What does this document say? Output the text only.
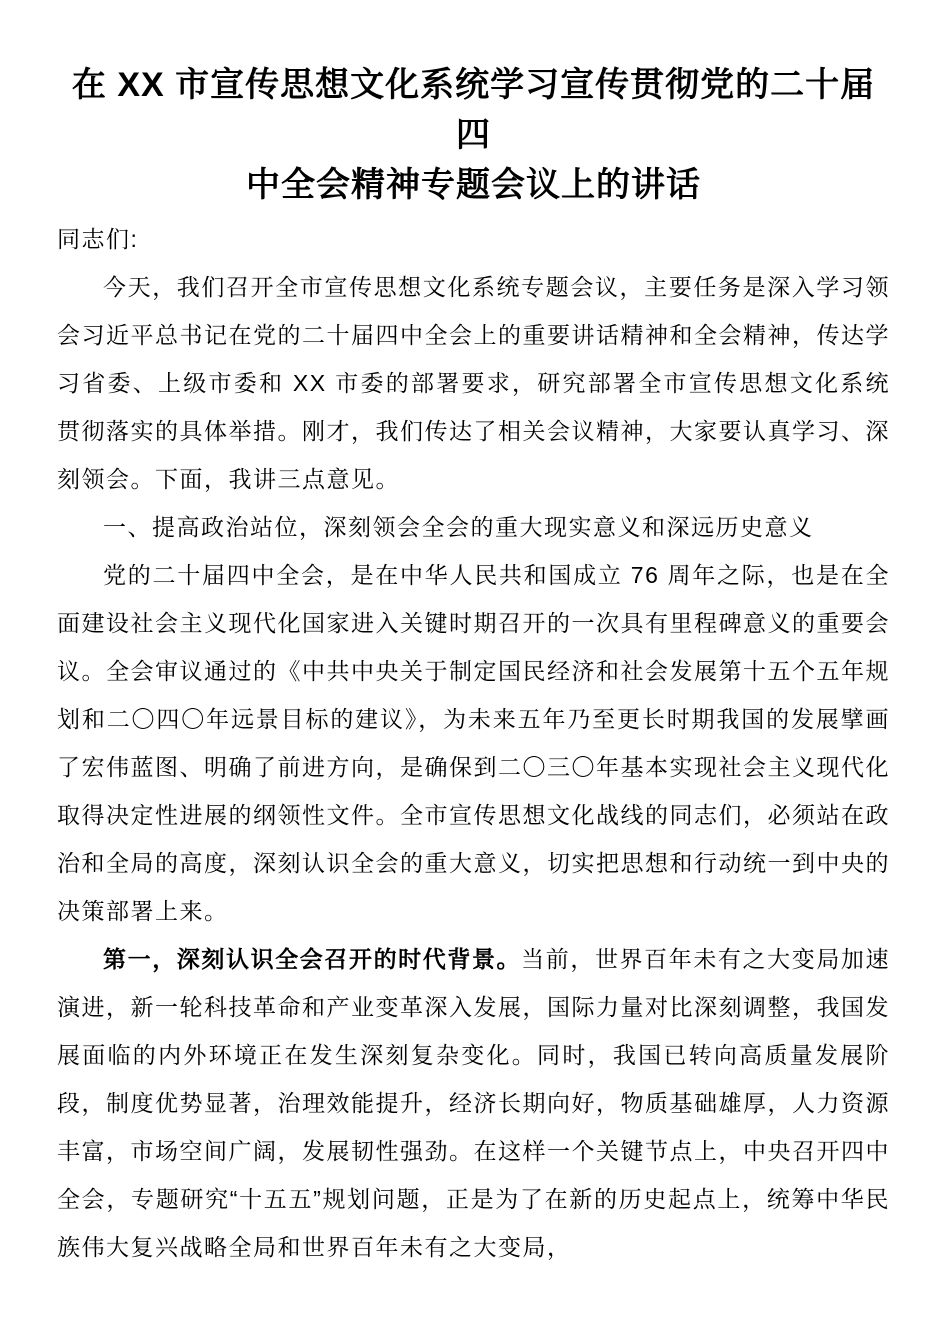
在 XX 市宣传思想文化系统学习宣传贯彻党的二十届四
中全会精神专题会议上的讲话

同志们:

今天，我们召开全市宣传思想文化系统专题会议，主要任务是深入学习领会习近平总书记在党的二十届四中全会上的重要讲话精神和全会精神，传达学习省委、上级市委和 XX 市委的部署要求，研究部署全市宣传思想文化系统贯彻落实的具体举措。刚才，我们传达了相关会议精神，大家要认真学习、深刻领会。下面，我讲三点意见。

一、提高政治站位，深刻领会全会的重大现实意义和深远历史意义

党的二十届四中全会，是在中华人民共和国成立 76 周年之际，也是在全面建设社会主义现代化国家进入关键时期召开的一次具有里程碑意义的重要会议。全会审议通过的《中共中央关于制定国民经济和社会发展第十五个五年规划和二〇四〇年远景目标的建议》，为未来五年乃至更长时期我国的发展擘画了宏伟蓝图、明确了前进方向，是确保到二〇三〇年基本实现社会主义现代化取得决定性进展的纲领性文件。全市宣传思想文化战线的同志们，必须站在政治和全局的高度，深刻认识全会的重大意义，切实把思想和行动统一到中央的决策部署上来。

第一，深刻认识全会召开的时代背景。当前，世界百年未有之大变局加速演进，新一轮科技革命和产业变革深入发展，国际力量对比深刻调整，我国发展面临的内外环境正在发生深刻复杂变化。同时，我国已转向高质量发展阶段，制度优势显著，治理效能提升，经济长期向好，物质基础雄厚，人力资源丰富，市场空间广阔，发展韧性强劲。在这样一个关键节点上，中央召开四中全会，专题研究“十五五”规划问题，正是为了在新的历史起点上，统筹中华民族伟大复兴战略全局和世界百年未有之大变局，
